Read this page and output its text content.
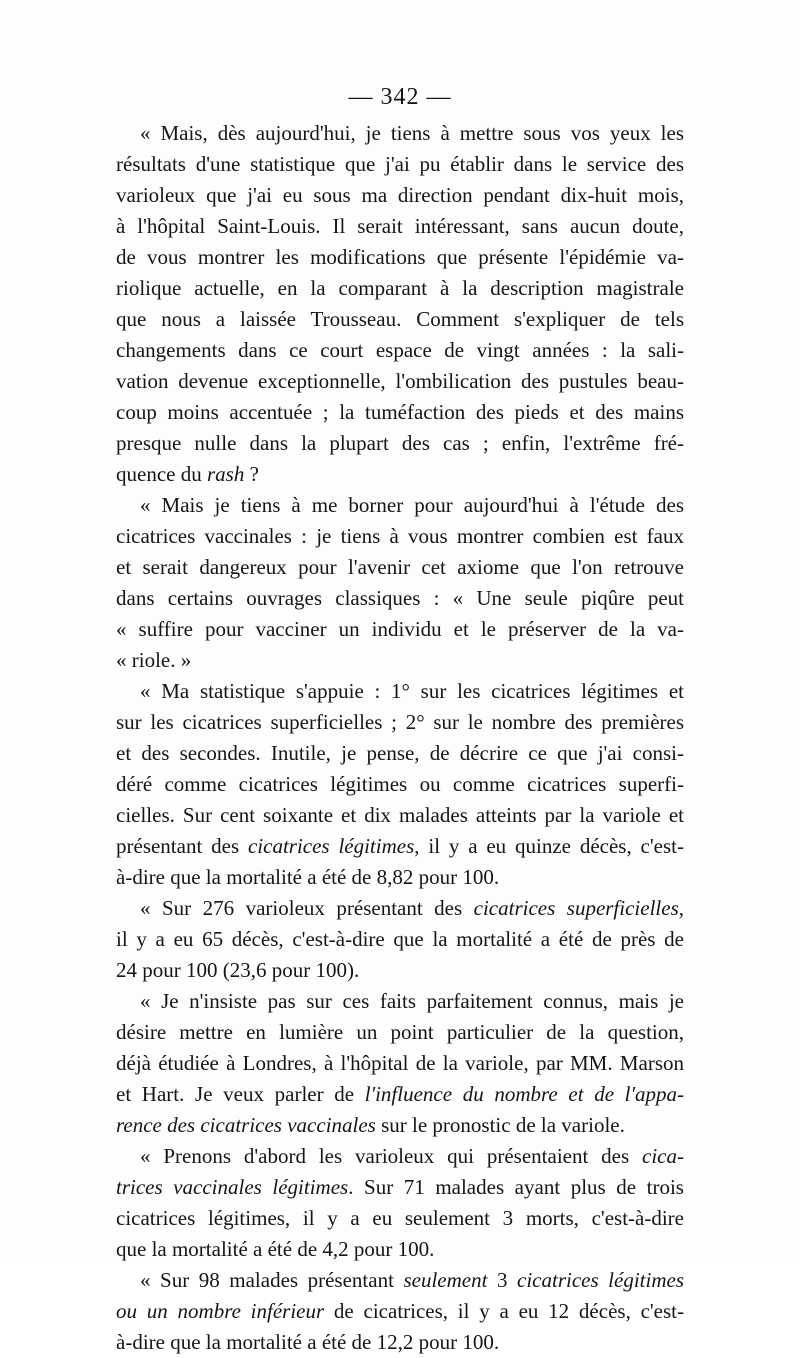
— 342 —

« Mais, dès aujourd'hui, je tiens à mettre sous vos yeux les
résultats d'une statistique que j'ai pu établir dans le service des
varioleux que j'ai eu sous ma direction pendant dix-huit mois,
à l'hôpital Saint-Louis. Il serait intéressant, sans aucun doute,
de vous montrer les modifications que présente l'épidémie va-
riolique actuelle, en la comparant à la description magistrale
que nous a laissée Trousseau. Comment s'expliquer de tels
changements dans ce court espace de vingt années : la sali-
vation devenue exceptionnelle, l'ombilication des pustules beau-
coup moins accentuée ; la tuméfaction des pieds et des mains
presque nulle dans la plupart des cas ; enfin, l'extrême fré-
quence du rash ?

« Mais je tiens à me borner pour aujourd'hui à l'étude des
cicatrices vaccinales : je tiens à vous montrer combien est faux
et serait dangereux pour l'avenir cet axiome que l'on retrouve
dans certains ouvrages classiques : « Une seule piqûre peut
« suffire pour vacciner un individu et le préserver de la va-
« riole. »

« Ma statistique s'appuie : 1° sur les cicatrices légitimes et
sur les cicatrices superficielles ; 2° sur le nombre des premières
et des secondes. Inutile, je pense, de décrire ce que j'ai consi-
déré comme cicatrices légitimes ou comme cicatrices superfi-
cielles. Sur cent soixante et dix malades atteints par la variole et
présentant des cicatrices légitimes, il y a eu quinze décès, c'est-
à-dire que la mortalité a été de 8,82 pour 100.

« Sur 276 varioleux présentant des cicatrices superficielles,
il y a eu 65 décès, c'est-à-dire que la mortalité a été de près de
24 pour 100 (23,6 pour 100).

« Je n'insiste pas sur ces faits parfaitement connus, mais je
désire mettre en lumière un point particulier de la question,
déjà étudiée à Londres, à l'hôpital de la variole, par MM. Marson
et Hart. Je veux parler de l'influence du nombre et de l'appa-
rence des cicatrices vaccinales sur le pronostic de la variole.

« Prenons d'abord les varioleux qui présentaient des cica-
trices vaccinales légitimes. Sur 71 malades ayant plus de trois
cicatrices légitimes, il y a eu seulement 3 morts, c'est-à-dire
que la mortalité a été de 4,2 pour 100.

« Sur 98 malades présentant seulement 3 cicatrices légitimes
ou un nombre inférieur de cicatrices, il y a eu 12 décès, c'est-
à-dire que la mortalité a été de 12,2 pour 100.
